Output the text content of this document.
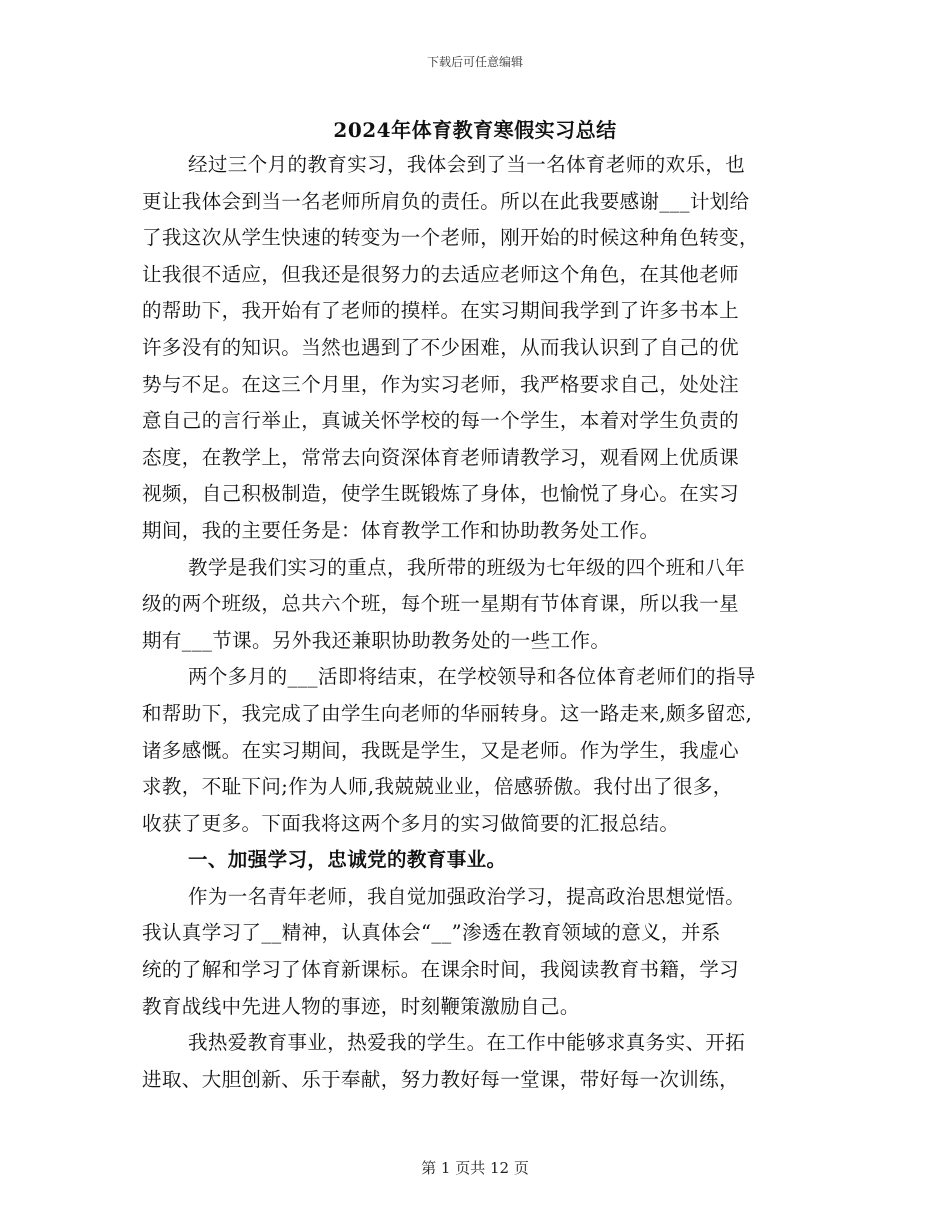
下载后可任意编辑
2024年体育教育寒假实习总结
经过三个月的教育实习，我体会到了当一名体育老师的欢乐，也
更让我体会到当一名老师所肩负的责任。所以在此我要感谢___计划给
了我这次从学生快速的转变为一个老师，刚开始的时候这种角色转变，
让我很不适应，但我还是很努力的去适应老师这个角色，在其他老师
的帮助下，我开始有了老师的摸样。在实习期间我学到了许多书本上
许多没有的知识。当然也遇到了不少困难，从而我认识到了自己的优
势与不足。在这三个月里，作为实习老师，我严格要求自己，处处注
意自己的言行举止，真诚关怀学校的每一个学生，本着对学生负责的
态度，在教学上，常常去向资深体育老师请教学习，观看网上优质课
视频，自己积极制造，使学生既锻炼了身体，也愉悦了身心。在实习
期间，我的主要任务是：体育教学工作和协助教务处工作。
教学是我们实习的重点，我所带的班级为七年级的四个班和八年
级的两个班级，总共六个班，每个班一星期有节体育课，所以我一星
期有___节课。另外我还兼职协助教务处的一些工作。
两个多月的___活即将结束，在学校领导和各位体育老师们的指导
和帮助下，我完成了由学生向老师的华丽转身。这一路走来,颇多留恋,
诸多感慨。在实习期间，我既是学生，又是老师。作为学生，我虚心
求教，不耻下问;作为人师,我兢兢业业，倍感骄傲。我付出了很多，
收获了更多。下面我将这两个多月的实习做简要的汇报总结。
一、加强学习，忠诚党的教育事业。
作为一名青年老师，我自觉加强政治学习，提高政治思想觉悟。
我认真学习了__精神，认真体会“__”渗透在教育领域的意义，并系
统的了解和学习了体育新课标。在课余时间，我阅读教育书籍，学习
教育战线中先进人物的事迹，时刻鞭策激励自己。
我热爱教育事业，热爱我的学生。在工作中能够求真务实、开拓
进取、大胆创新、乐于奉献，努力教好每一堂课，带好每一次训练，
第 1 页共 12 页
